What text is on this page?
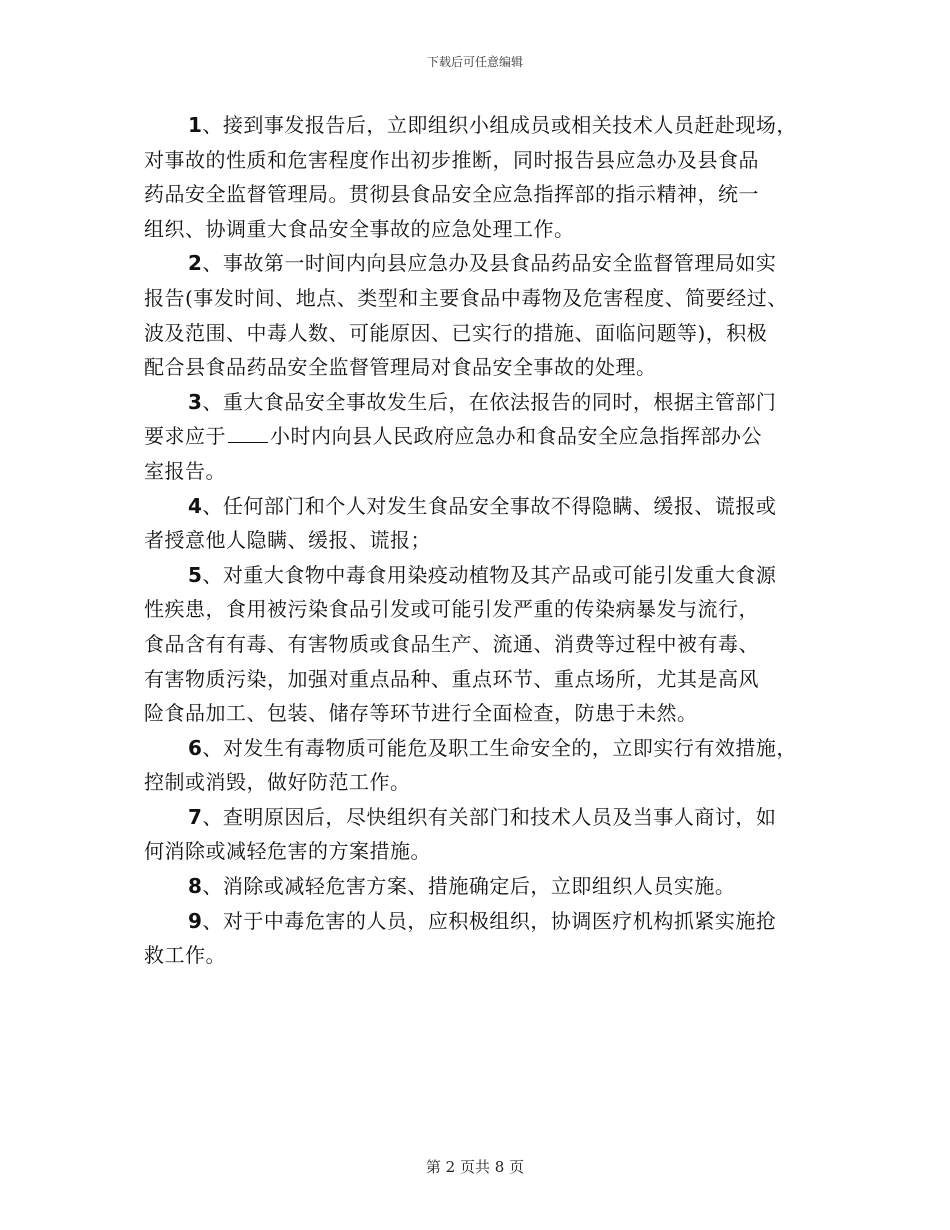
下载后可任意编辑

1、接到事发报告后，立即组织小组成员或相关技术人员赶赴现场，
对事故的性质和危害程度作出初步推断，同时报告县应急办及县食品
药品安全监督管理局。贯彻县食品安全应急指挥部的指示精神，统一
组织、协调重大食品安全事故的应急处理工作。

2、事故第一时间内向县应急办及县食品药品安全监督管理局如实
报告(事发时间、地点、类型和主要食品中毒物及危害程度、简要经过、
波及范围、中毒人数、可能原因、已实行的措施、面临问题等)，积极
配合县食品药品安全监督管理局对食品安全事故的处理。

3、重大食品安全事故发生后，在依法报告的同时，根据主管部门
要求应于 小时内向县人民政府应急办和食品安全应急指挥部办公
室报告。

4、任何部门和个人对发生食品安全事故不得隐瞒、缓报、谎报或
者授意他人隐瞒、缓报、谎报；

5、对重大食物中毒食用染疫动植物及其产品或可能引发重大食源
性疾患，食用被污染食品引发或可能引发严重的传染病暴发与流行，
食品含有有毒、有害物质或食品生产、流通、消费等过程中被有毒、
有害物质污染，加强对重点品种、重点环节、重点场所，尤其是高风
险食品加工、包装、储存等环节进行全面检查，防患于未然。

6、对发生有毒物质可能危及职工生命安全的，立即实行有效措施，
控制或消毁，做好防范工作。

7、查明原因后，尽快组织有关部门和技术人员及当事人商讨，如
何消除或减轻危害的方案措施。

8、消除或减轻危害方案、措施确定后，立即组织人员实施。

9、对于中毒危害的人员，应积极组织，协调医疗机构抓紧实施抢
救工作。

第 2 页共 8 页
